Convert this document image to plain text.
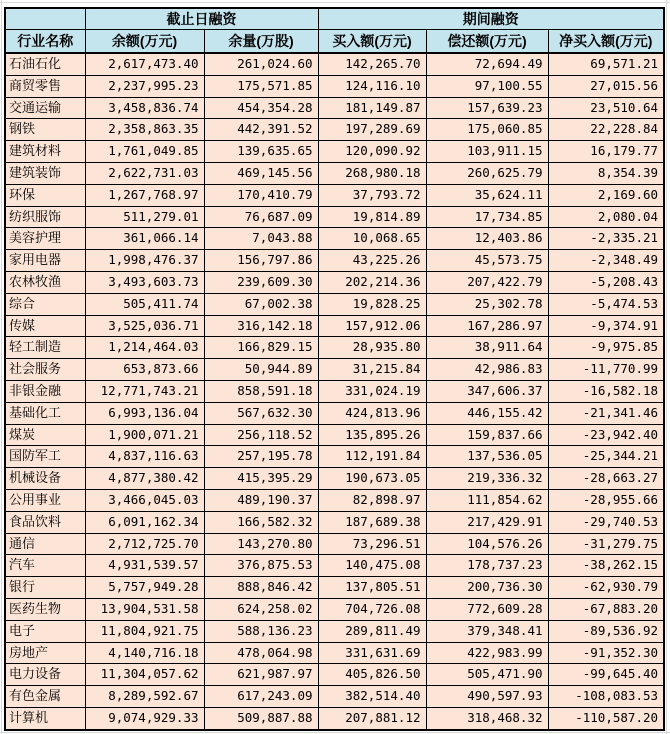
	截止日融资		期间融资		
行业名称	余额(万元)	余量(万股)	买入额(万元)	偿还额(万元)	净买入额(万元)
石油石化	2,617,473.40	261,024.60	142,265.70	72,694.49	69,571.21
商贸零售	2,237,995.23	175,571.85	124,116.10	97,100.55	27,015.56
交通运输	3,458,836.74	454,354.28	181,149.87	157,639.23	23,510.64
钢铁	2,358,863.35	442,391.52	197,289.69	175,060.85	22,228.84
建筑材料	1,761,049.85	139,635.65	120,090.92	103,911.15	16,179.77
建筑装饰	2,622,731.03	469,145.56	268,980.18	260,625.79	8,354.39
环保	1,267,768.97	170,410.79	37,793.72	35,624.11	2,169.60
纺织服饰	511,279.01	76,687.09	19,814.89	17,734.85	2,080.04
美容护理	361,066.14	7,043.88	10,068.65	12,403.86	-2,335.21
家用电器	1,998,476.37	156,797.86	43,225.26	45,573.75	-2,348.49
农林牧渔	3,493,603.73	239,609.30	202,214.36	207,422.79	-5,208.43
综合	505,411.74	67,002.38	19,828.25	25,302.78	-5,474.53
传媒	3,525,036.71	316,142.18	157,912.06	167,286.97	-9,374.91
轻工制造	1,214,464.03	166,829.15	28,935.80	38,911.64	-9,975.85
社会服务	653,873.66	50,944.89	31,215.84	42,986.83	-11,770.99
非银金融	12,771,743.21	858,591.18	331,024.19	347,606.37	-16,582.18
基础化工	6,993,136.04	567,632.30	424,813.96	446,155.42	-21,341.46
煤炭	1,900,071.21	256,118.52	135,895.26	159,837.66	-23,942.40
国防军工	4,837,116.63	257,195.78	112,191.84	137,536.05	-25,344.21
机械设备	4,877,380.42	415,395.29	190,673.05	219,336.32	-28,663.27
公用事业	3,466,045.03	489,190.37	82,898.97	111,854.62	-28,955.66
食品饮料	6,091,162.34	166,582.32	187,689.38	217,429.91	-29,740.53
通信	2,712,725.70	143,270.80	73,296.51	104,576.26	-31,279.75
汽车	4,931,539.57	376,875.53	140,475.08	178,737.23	-38,262.15
银行	5,757,949.28	888,846.42	137,805.51	200,736.30	-62,930.79
医药生物	13,904,531.58	624,258.02	704,726.08	772,609.28	-67,883.20
电子	11,804,921.75	588,136.23	289,811.49	379,348.41	-89,536.92
房地产	4,140,716.18	478,064.98	331,631.69	422,983.99	-91,352.30
电力设备	11,304,057.62	621,987.97	405,826.50	505,471.90	-99,645.40
有色金属	8,289,592.67	617,243.09	382,514.40	490,597.93	-108,083.53
计算机	9,074,929.33	509,887.88	207,881.12	318,468.32	-110,587.20
